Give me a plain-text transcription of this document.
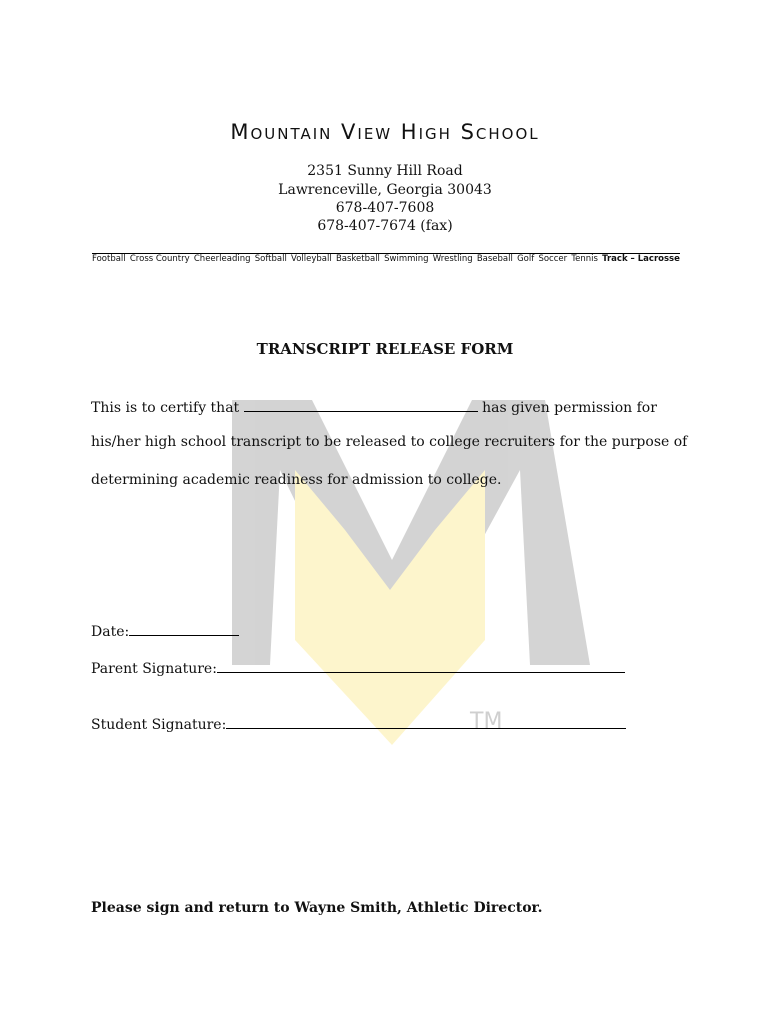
TM
Mountain View High School
2351 Sunny Hill Road
Lawrenceville, Georgia 30043
678-407-7608
678-407-7674 (fax)
Football Cross Country Cheerleading Softball Volleyball Basketball Swimming Wrestling Baseball Golf Soccer Tennis Track – Lacrosse
TRANSCRIPT RELEASE FORM
This is to certify that	has given permission for
his/her high school transcript to be released to college recruiters for the purpose of
determining academic readiness for admission to college.
Date:
Parent Signature:
Student Signature:
Please sign and return to Wayne Smith, Athletic Director.
